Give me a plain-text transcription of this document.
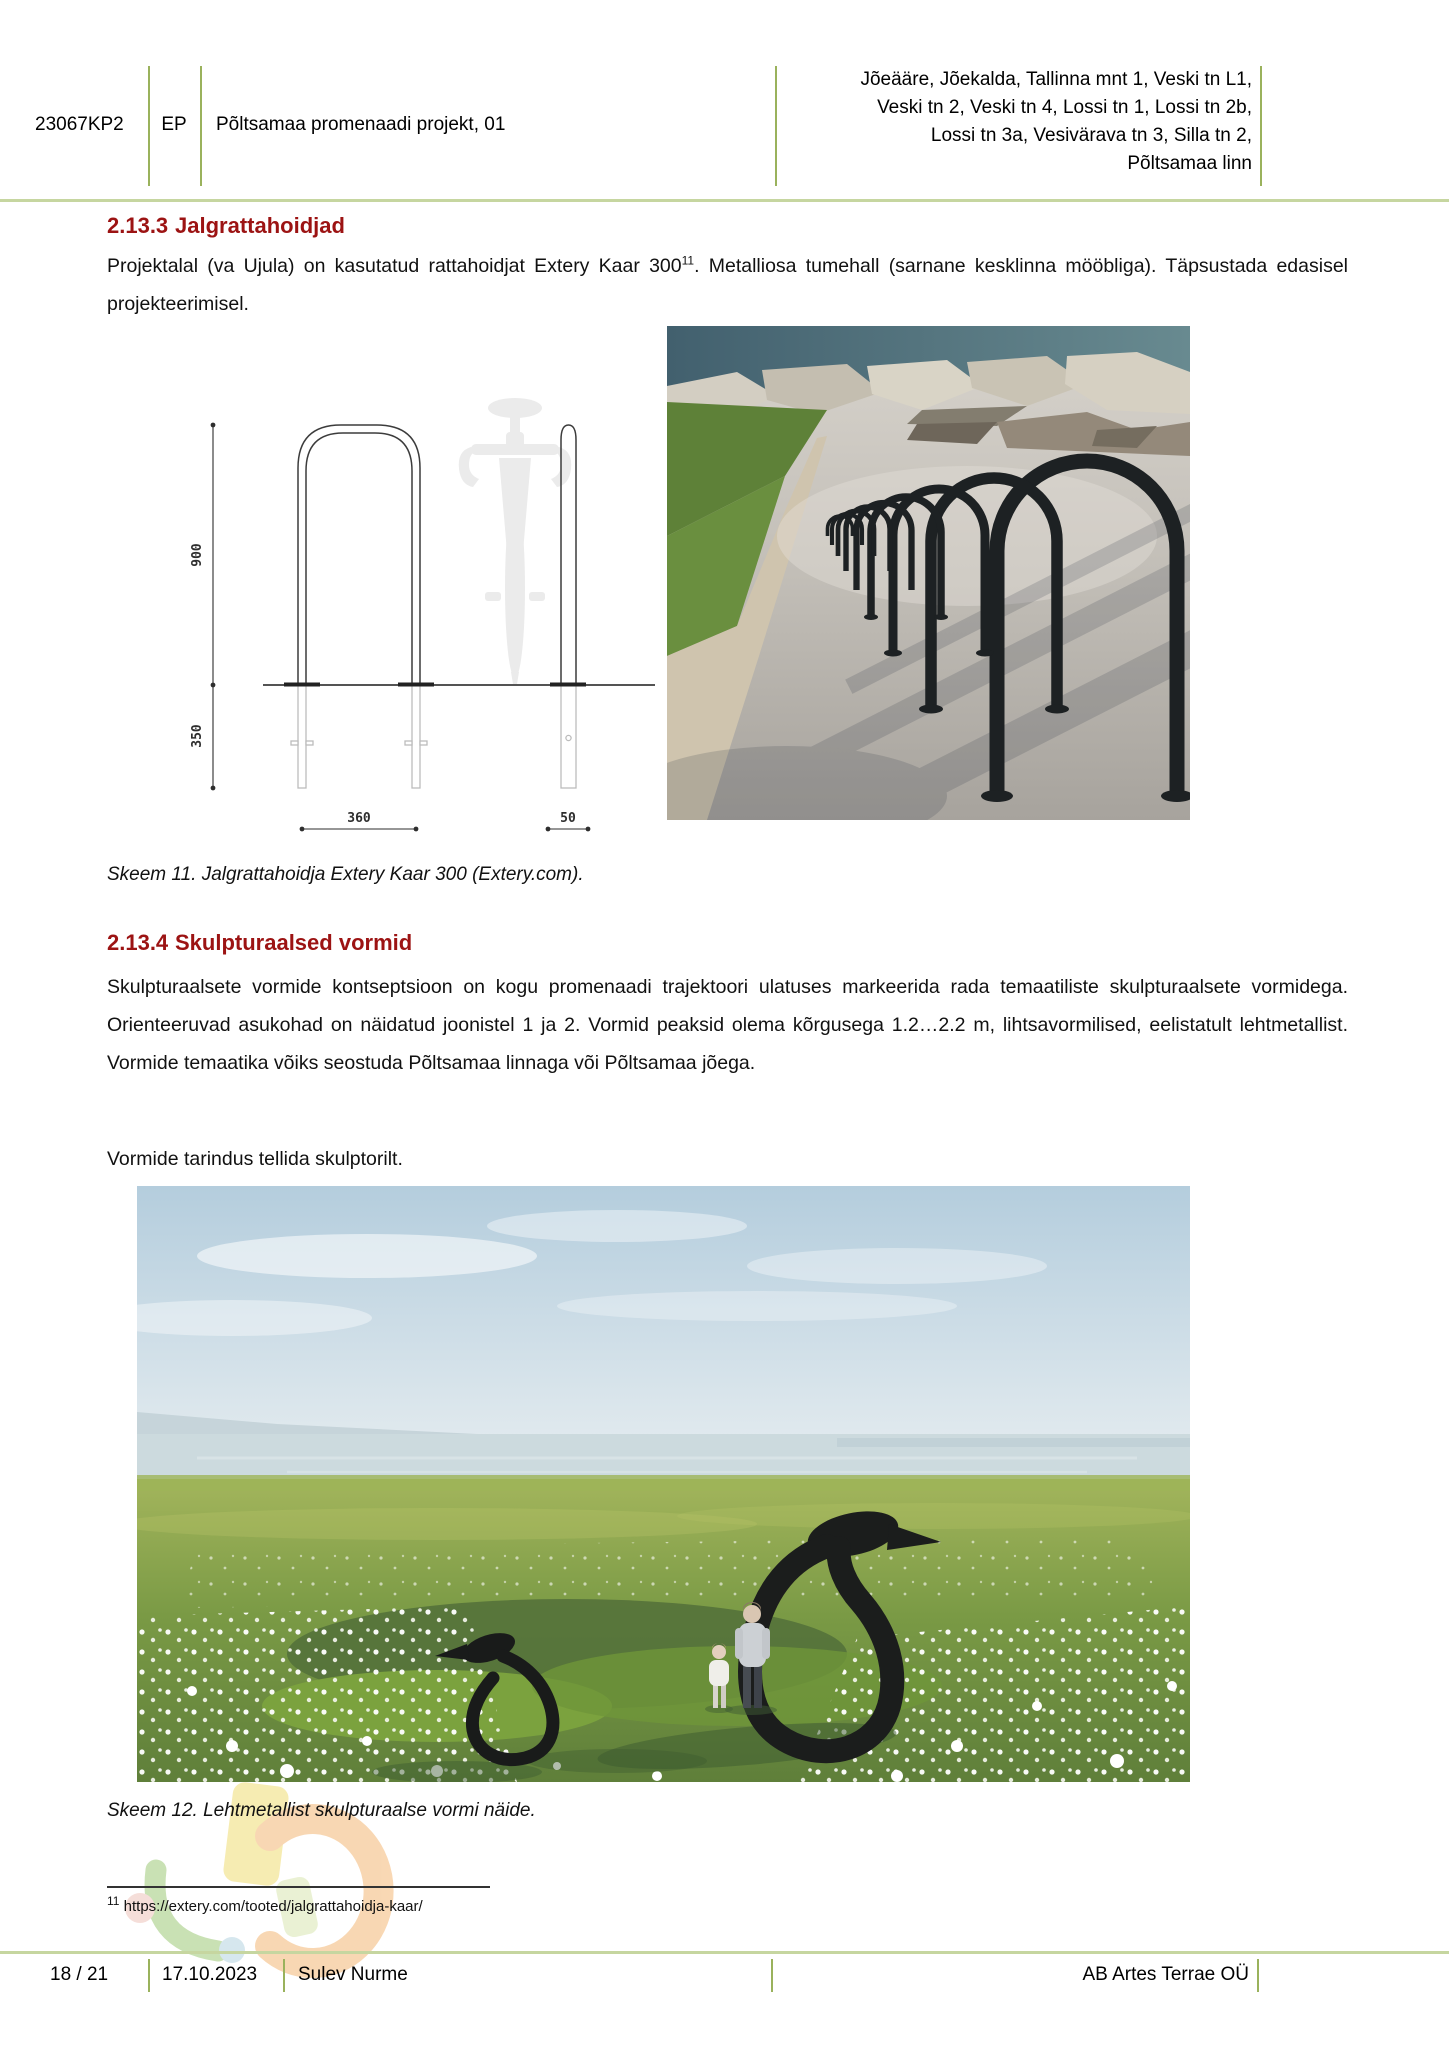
23067KP2	EP	Põltsamaa promenaadi projekt, 01
Jõeääre, Jõekalda, Tallinna mnt 1, Veski tn L1,
Veski tn 2, Veski tn 4, Lossi tn 1, Lossi tn 2b,
Lossi tn 3a, Vesivärava tn 3, Silla tn 2,
Põltsamaa linn
2.13.3 Jalgrattahoidjad
Projektalal (va Ujula) on kasutatud rattahoidjat Extery Kaar 300$^{11}$. Metalliosa tumehall (sarnane kesklinna mööbliga). Täpsustada edasisel projekteerimisel.
900
350
360	50
Skeem 11. Jalgrattahoidja Extery Kaar 300 (Extery.com).
2.13.4 Skulpturaalsed vormid
Skulpturaalsete vormide kontseptsioon on kogu promenaadi trajektoori ulatuses markeerida rada temaatiliste skulpturaalsete vormidega. Orienteeruvad asukohad on näidatud joonistel 1 ja 2. Vormid peaksid olema kõrgusega 1.2…2.2 m, lihtsavormilised, eelistatult lehtmetallist. Vormide temaatika võiks seostuda Põltsamaa linnaga või Põltsamaa jõega.
Vormide tarindus tellida skulptorilt.
Skeem 12. Lehtmetallist skulpturaalse vormi näide.
$^{11}$ https://extery.com/tooted/jalgrattahoidja-kaar/
18 / 21	17.10.2023 Sulev Nurme	AB Artes Terrae OÜ
